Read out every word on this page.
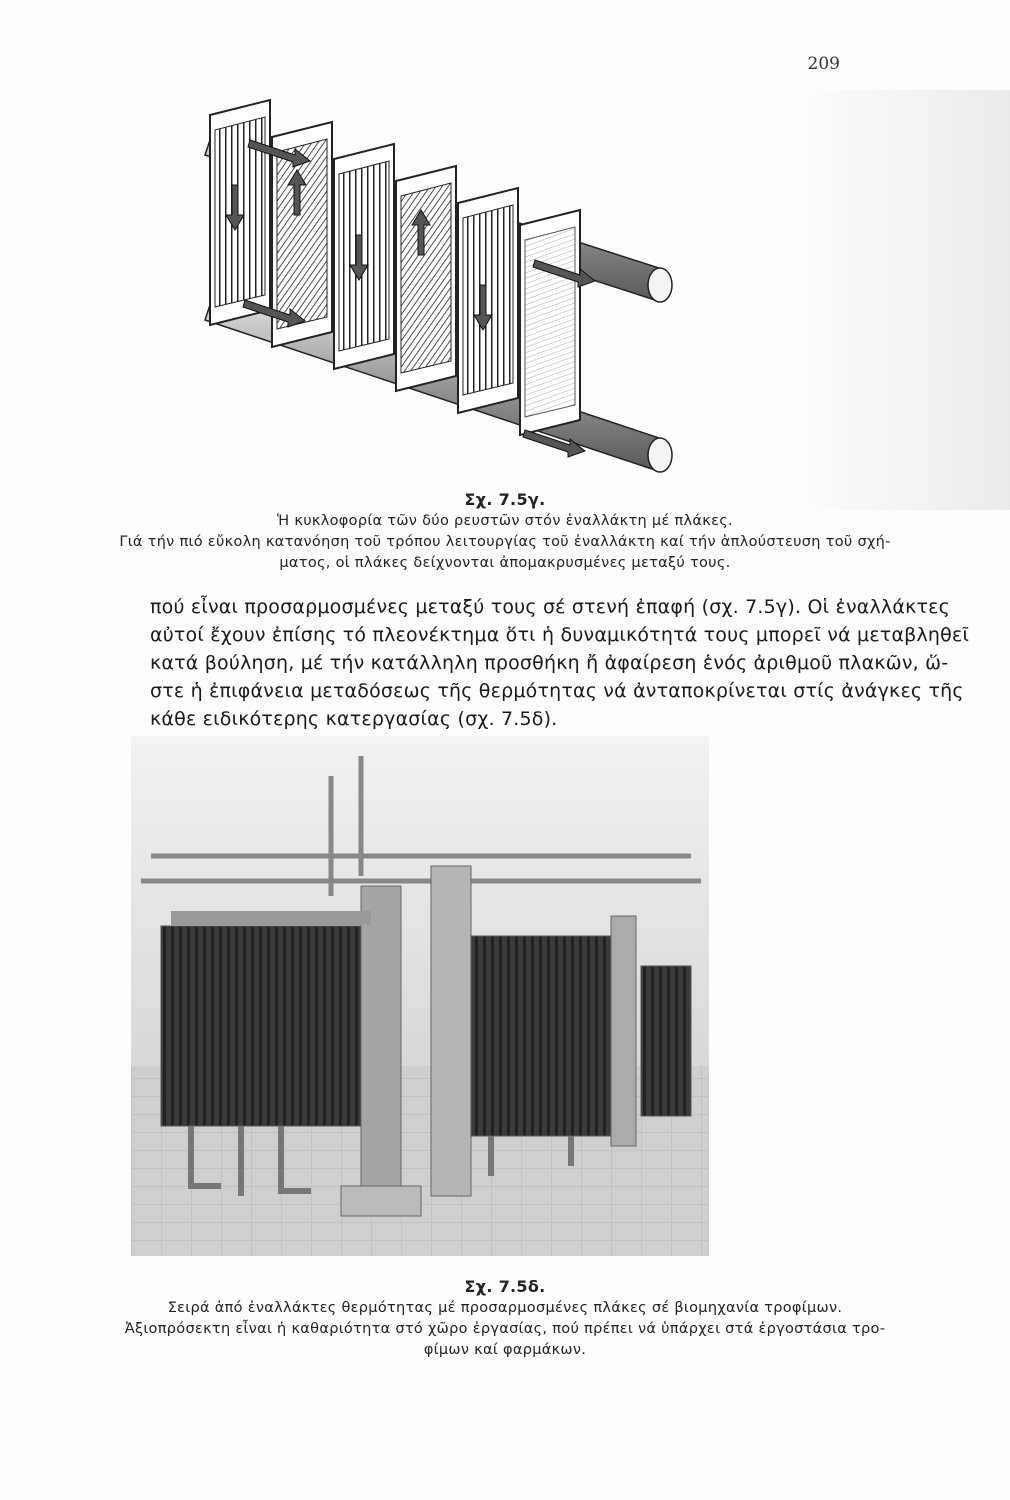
209
Σχ. 7.5γ.
Ἡ κυκλοφορία τῶν δύο ρευστῶν στόν ἐναλλάκτη μέ πλάκες.
Γιά τήν πιό εὔκολη κατανόηση τοῦ τρόπου λειτουργίας τοῦ ἐναλλάκτη καί τήν ἁπλούστευση τοῦ σχή-
ματος, οἱ πλάκες δείχνονται ἀπομακρυσμένες μεταξύ τους.
πού εἶναι προσαρμοσμένες μεταξύ τους σέ στενή ἐπαφή (σχ. 7.5γ). Οἱ ἐναλλάκτες
αὐτοί ἔχουν ἐπίσης τό πλεονέκτημα ὅτι ἡ δυναμικότητά τους μπορεῖ νά μεταβληθεῖ
κατά βούληση, μέ τήν κατάλληλη προσθήκη ἤ ἀφαίρεση ἑνός ἀριθμοῦ πλακῶν, ὥ-
στε ἡ ἐπιφάνεια μεταδόσεως τῆς θερμότητας νά ἀνταποκρίνεται στίς ἀνάγκες τῆς
κάθε ειδικότερης κατεργασίας (σχ. 7.5δ).
Σχ. 7.5δ.
Σειρά ἀπό ἐναλλάκτες θερμότητας μέ προσαρμοσμένες πλάκες σέ βιομηχανία τροφίμων.
Ἀξιοπρόσεκτη εἶναι ἡ καθαριότητα στό χῶρο ἐργασίας, πού πρέπει νά ὑπάρχει στά ἐργοστάσια τρο-
φίμων καί φαρμάκων.
